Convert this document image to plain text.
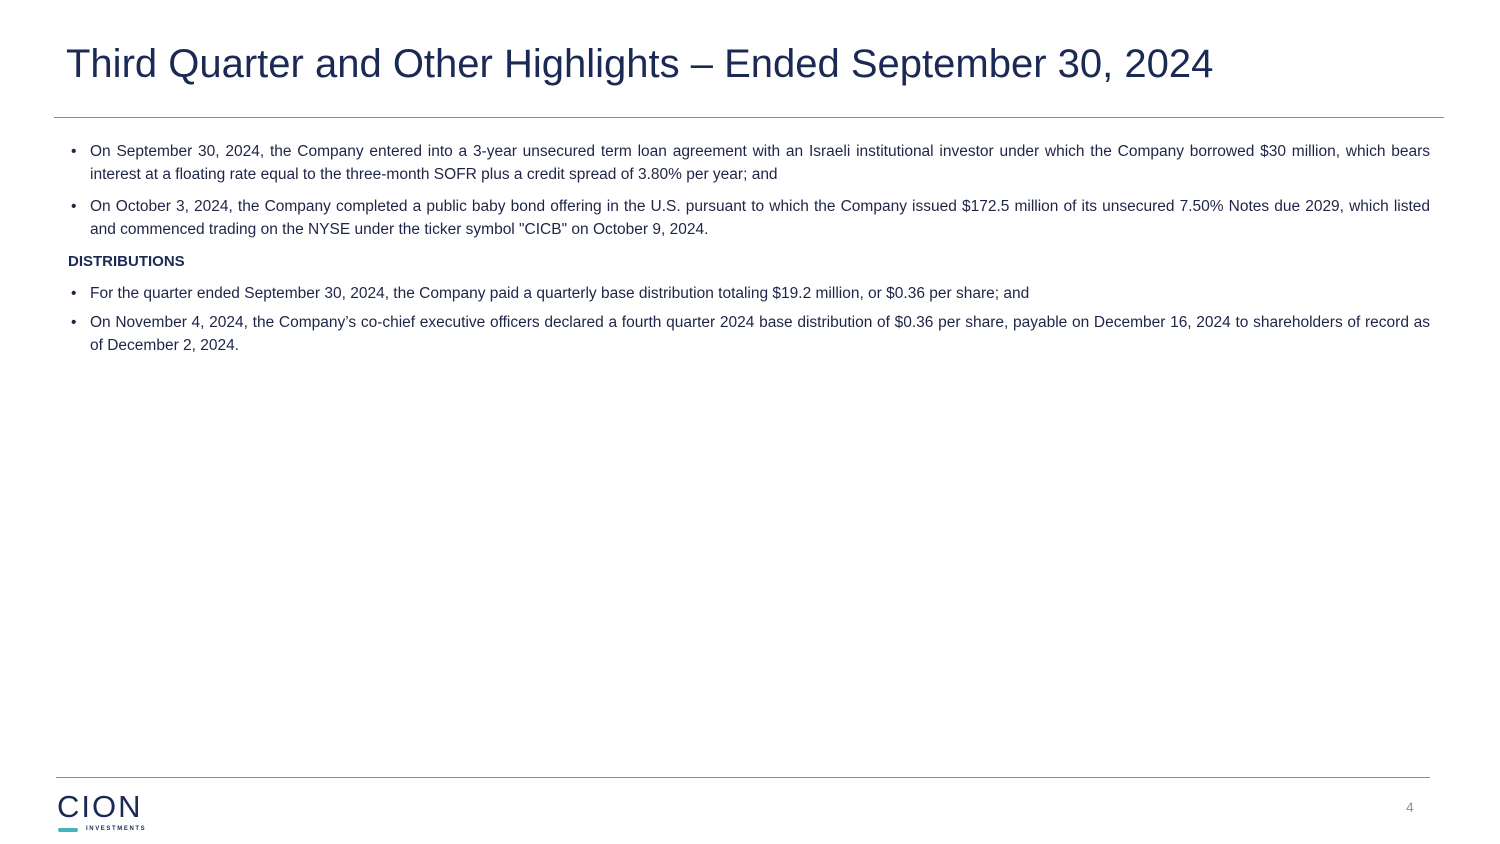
Third Quarter and Other Highlights – Ended September 30, 2024
• On September 30, 2024, the Company entered into a 3-year unsecured term loan agreement with an Israeli institutional investor under which the Company borrowed $30 million, which bears interest at a floating rate equal to the three-month SOFR plus a credit spread of 3.80% per year; and
• On October 3, 2024, the Company completed a public baby bond offering in the U.S. pursuant to which the Company issued $172.5 million of its unsecured 7.50% Notes due 2029, which listed and commenced trading on the NYSE under the ticker symbol "CICB" on October 9, 2024.
DISTRIBUTIONS
• For the quarter ended September 30, 2024, the Company paid a quarterly base distribution totaling $19.2 million, or $0.36 per share; and
• On November 4, 2024, the Company’s co-chief executive officers declared a fourth quarter 2024 base distribution of $0.36 per share, payable on December 16, 2024 to shareholders of record as of December 2, 2024.
CION
INVESTMENTS
4
